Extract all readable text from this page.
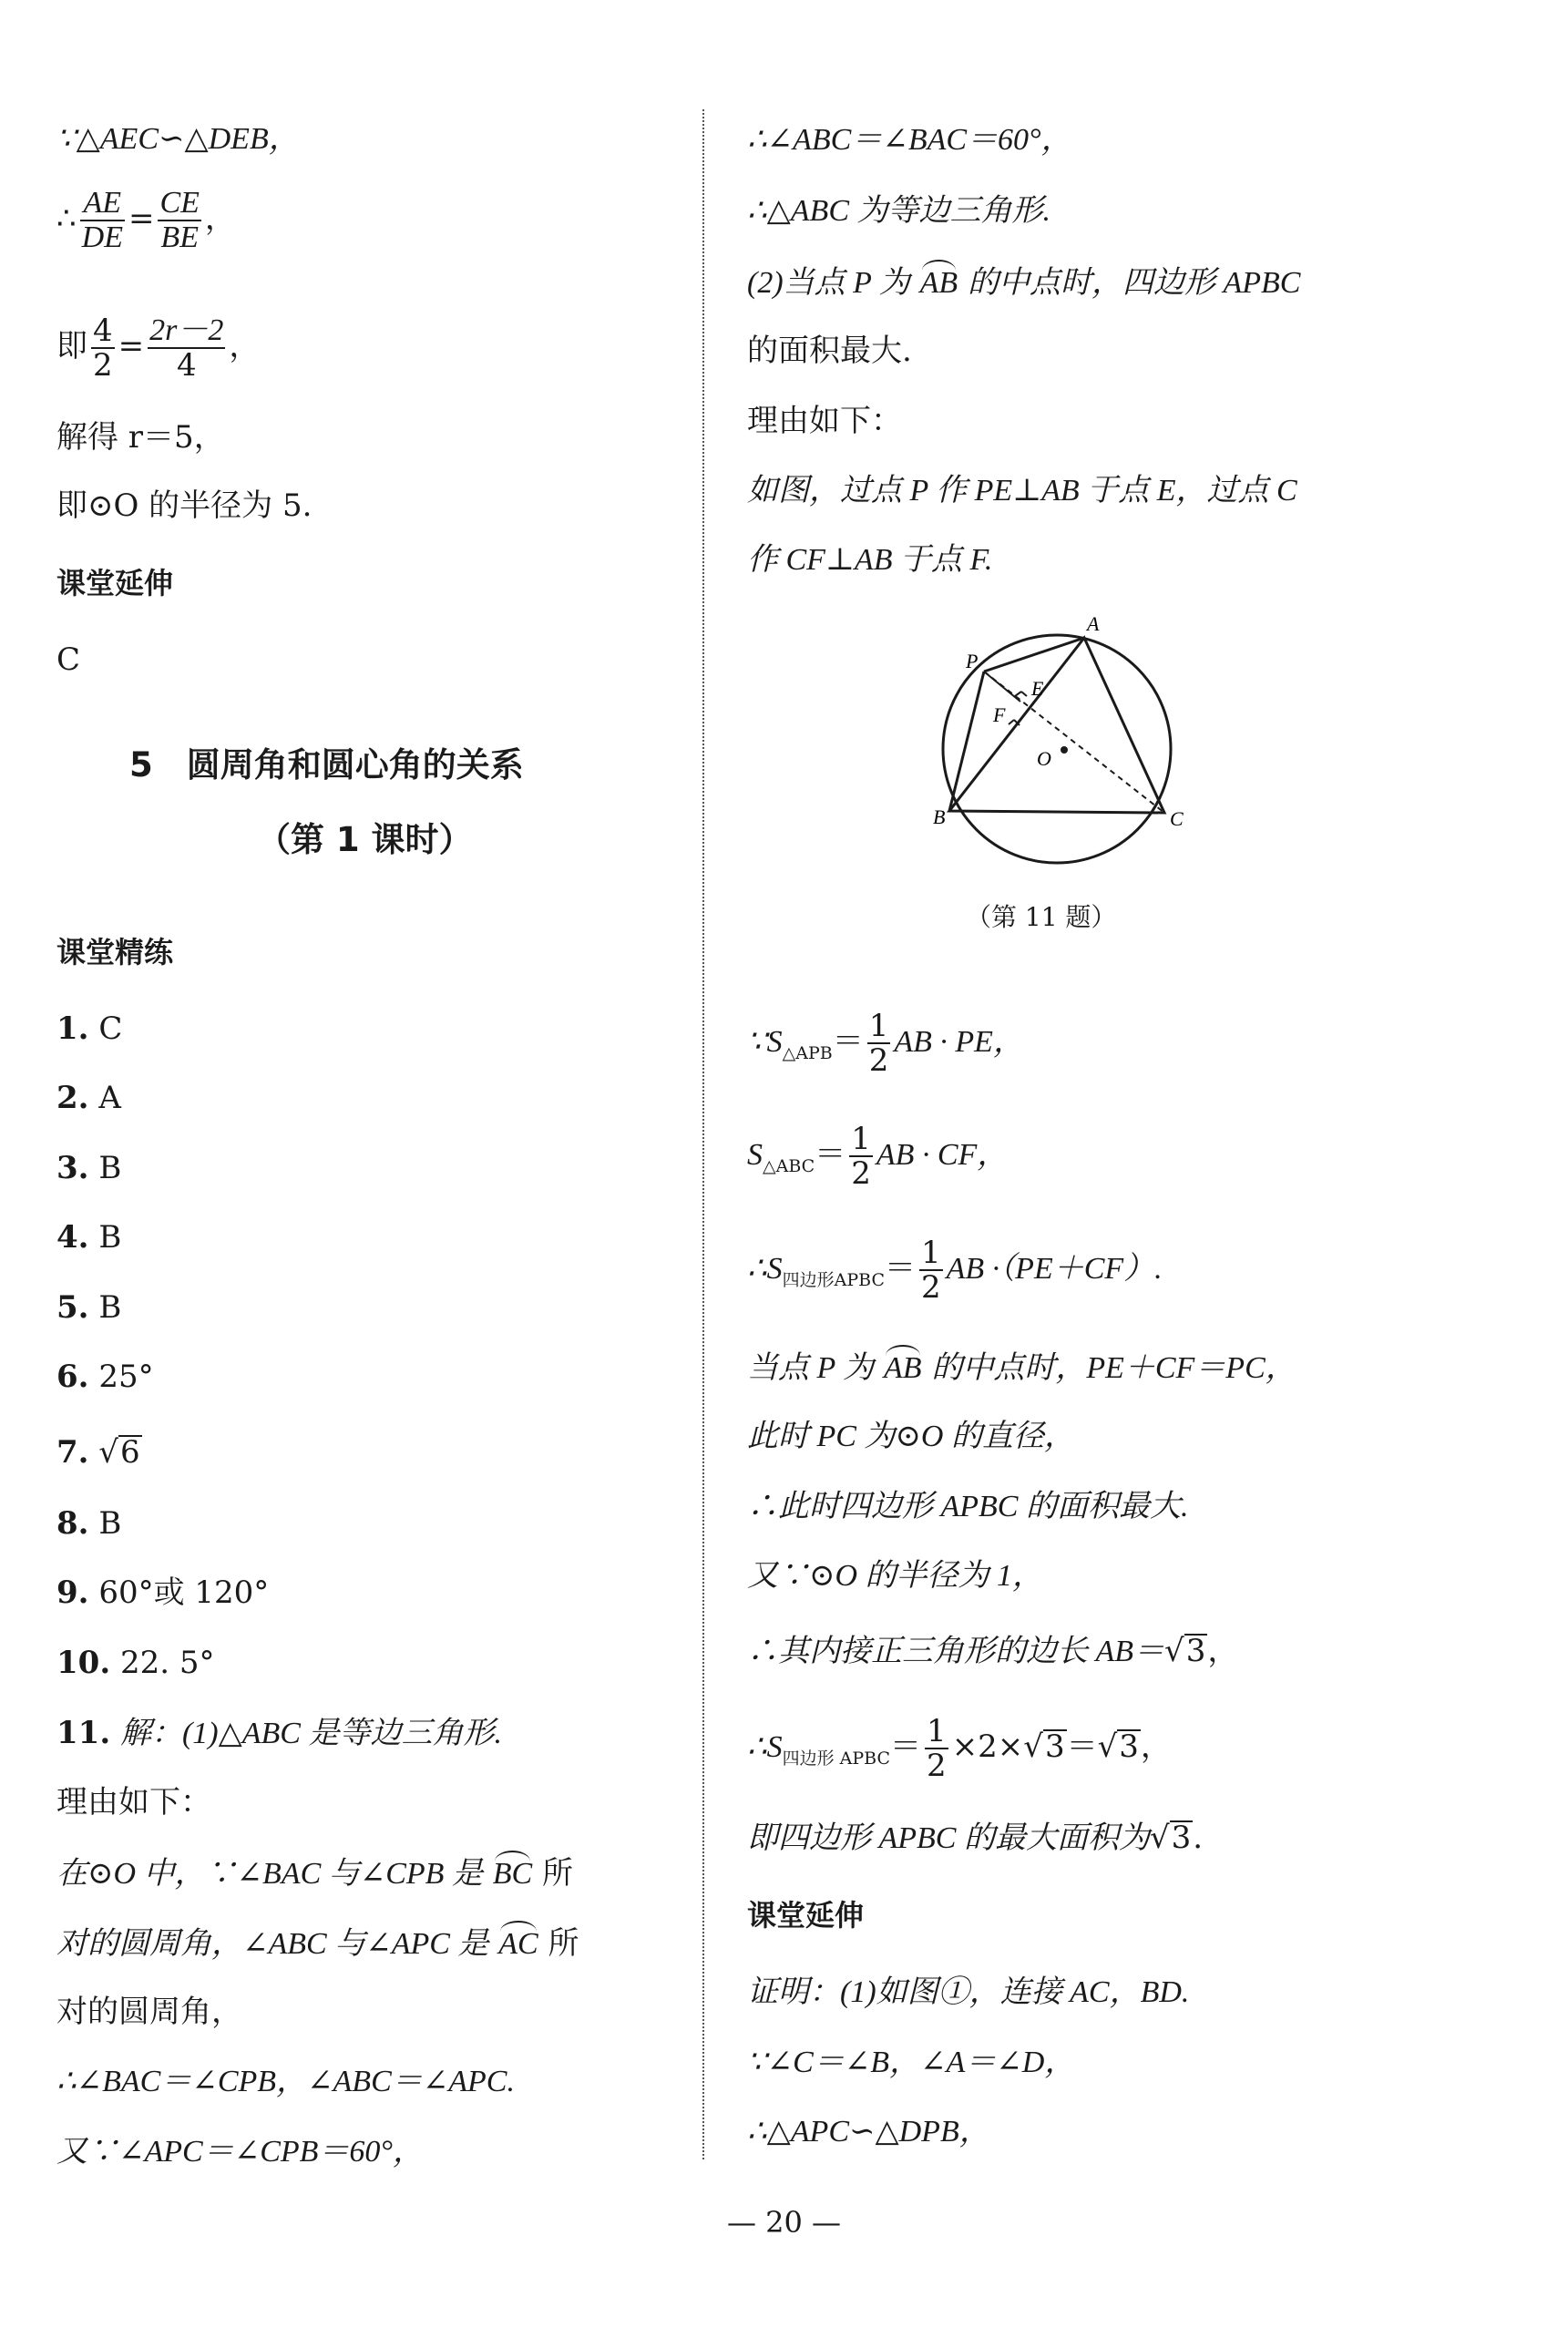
∵△AEC∽△DEB，
∴ $\frac{AE}{DE} = \frac{CE}{BE}$ ，
即 $\frac{4}{2} = \frac{2r-2}{4}$ ，
解得 r＝5，
即⊙O 的半径为 5.
课堂延伸
C
5　圆周角和圆心角的关系
（第 1 课时）
课堂精练
1. C
2. A
3. B
4. B
5. B
6. 25°
7. √6
8. B
9. 60°或 120°
10. 22. 5°
11. 解：(1)△ABC 是等边三角形.
理由如下：
在⊙O 中，∵∠BAC 与∠CPB 是 BC 所
对的圆周角，∠ABC 与∠APC 是 AC 所
对的圆周角，
∴∠BAC＝∠CPB，∠ABC＝∠APC.
又∵∠APC＝∠CPB＝60°，
∴∠ABC＝∠BAC＝60°，
∴△ABC 为等边三角形.
(2)当点 P 为 AB 的中点时，四边形 APBC
的面积最大.
理由如下：
如图，过点 P 作 PE⊥AB 于点 E，过点 C
作 CF⊥AB 于点 F.
A
P
E
F
O
B	C
（第 11 题）
$\because S_{\triangle APB}= \frac{1}{2}$ AB · PE，
$S_{\triangle ABC}= \frac{1}{2}$ AB · CF，
$\therefore S_{四边形APBC}= \frac{1}{2}$ AB ·（PE＋CF）.
当点 P 为 AB 的中点时，PE＋CF＝PC，
此时 PC 为⊙O 的直径，
∴此时四边形 APBC 的面积最大.
又∵⊙O 的半径为 1，
∴其内接正三角形的边长 AB＝√3，
$\therefore S_{四边形 APBC}= \frac{1}{2} \times 2\times√3=√3$，
即四边形 APBC 的最大面积为√3.
课堂延伸
证明：(1)如图①，连接 AC，BD.
∵∠C＝∠B，∠A＝∠D，
∴△APC∽△DPB，
— 20 —
